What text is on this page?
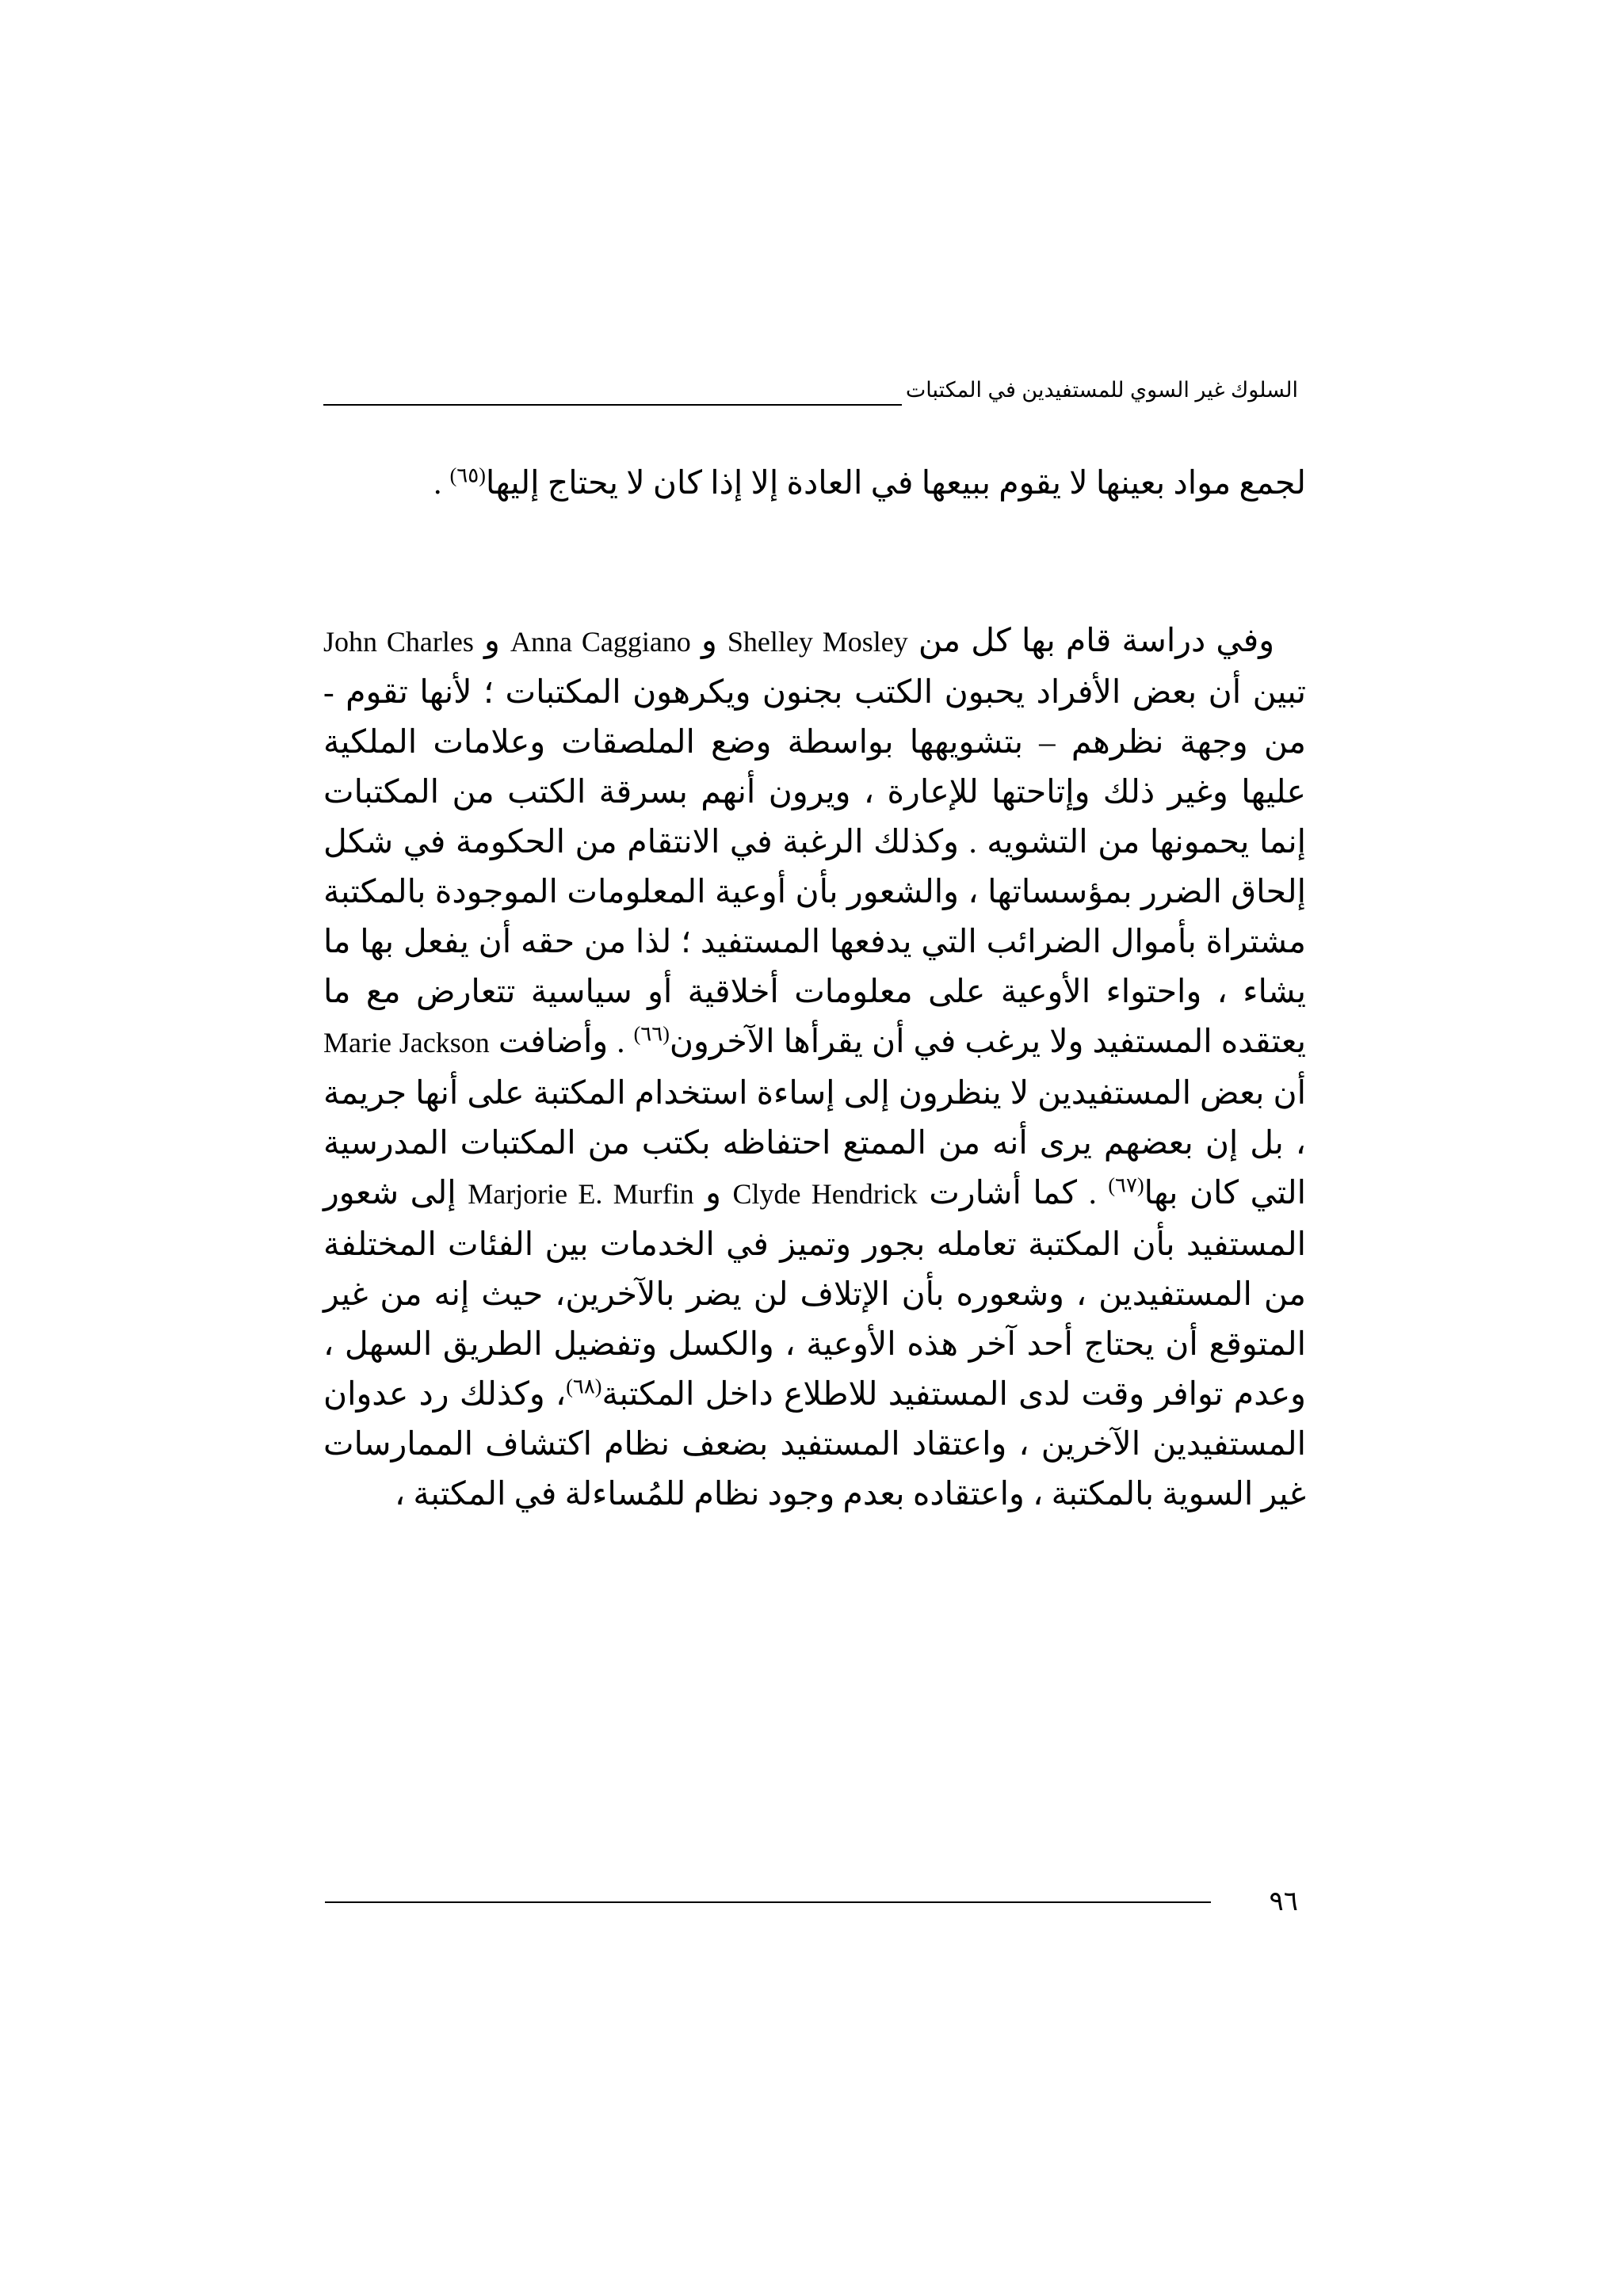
السلوك غير السوي للمستفيدين في المكتبات

لجمع مواد بعينها لا يقوم ببيعها في العادة إلا إذا كان لا يحتاج إليها$^{(٦٥)}$ .

وفي دراسة قام بها كل من Shelley Mosley و Anna Caggiano و John Charles تبين أن بعض الأفراد يحبون الكتب بجنون ويكرهون المكتبات ؛ لأنها تقوم - من وجهة نظرهم – بتشويهها بواسطة وضع الملصقات وعلامات الملكية عليها وغير ذلك وإتاحتها للإعارة ، ويرون أنهم بسرقة الكتب من المكتبات إنما يحمونها من التشويه . وكذلك الرغبة في الانتقام من الحكومة في شكل إلحاق الضرر بمؤسساتها ، والشعور بأن أوعية المعلومات الموجودة بالمكتبة مشتراة بأموال الضرائب التي يدفعها المستفيد ؛ لذا من حقه أن يفعل بها ما يشاء ، واحتواء الأوعية على معلومات أخلاقية أو سياسية تتعارض مع ما يعتقده المستفيد ولا يرغب في أن يقرأها الآخرون$^{(٦٦)}$ . وأضافت Marie Jackson أن بعض المستفيدين لا ينظرون إلى إساءة استخدام المكتبة على أنها جريمة ، بل إن بعضهم يرى أنه من الممتع احتفاظه بكتب من المكتبات المدرسية التي كان بها$^{(٦٧)}$ . كما أشارت Clyde Hendrick و Marjorie E. Murfin إلى شعور المستفيد بأن المكتبة تعامله بجور وتميز في الخدمات بين الفئات المختلفة من المستفيدين ، وشعوره بأن الإتلاف لن يضر بالآخرين، حيث إنه من غير المتوقع أن يحتاج أحد آخر هذه الأوعية ، والكسل وتفضيل الطريق السهل ، وعدم توافر وقت لدى المستفيد للاطلاع داخل المكتبة$^{(٦٨)}$، وكذلك رد عدوان المستفيدين الآخرين ، واعتقاد المستفيد بضعف نظام اكتشاف الممارسات غير السوية بالمكتبة ، واعتقاده بعدم وجود نظام للمُساءلة في المكتبة ،

٩٦
